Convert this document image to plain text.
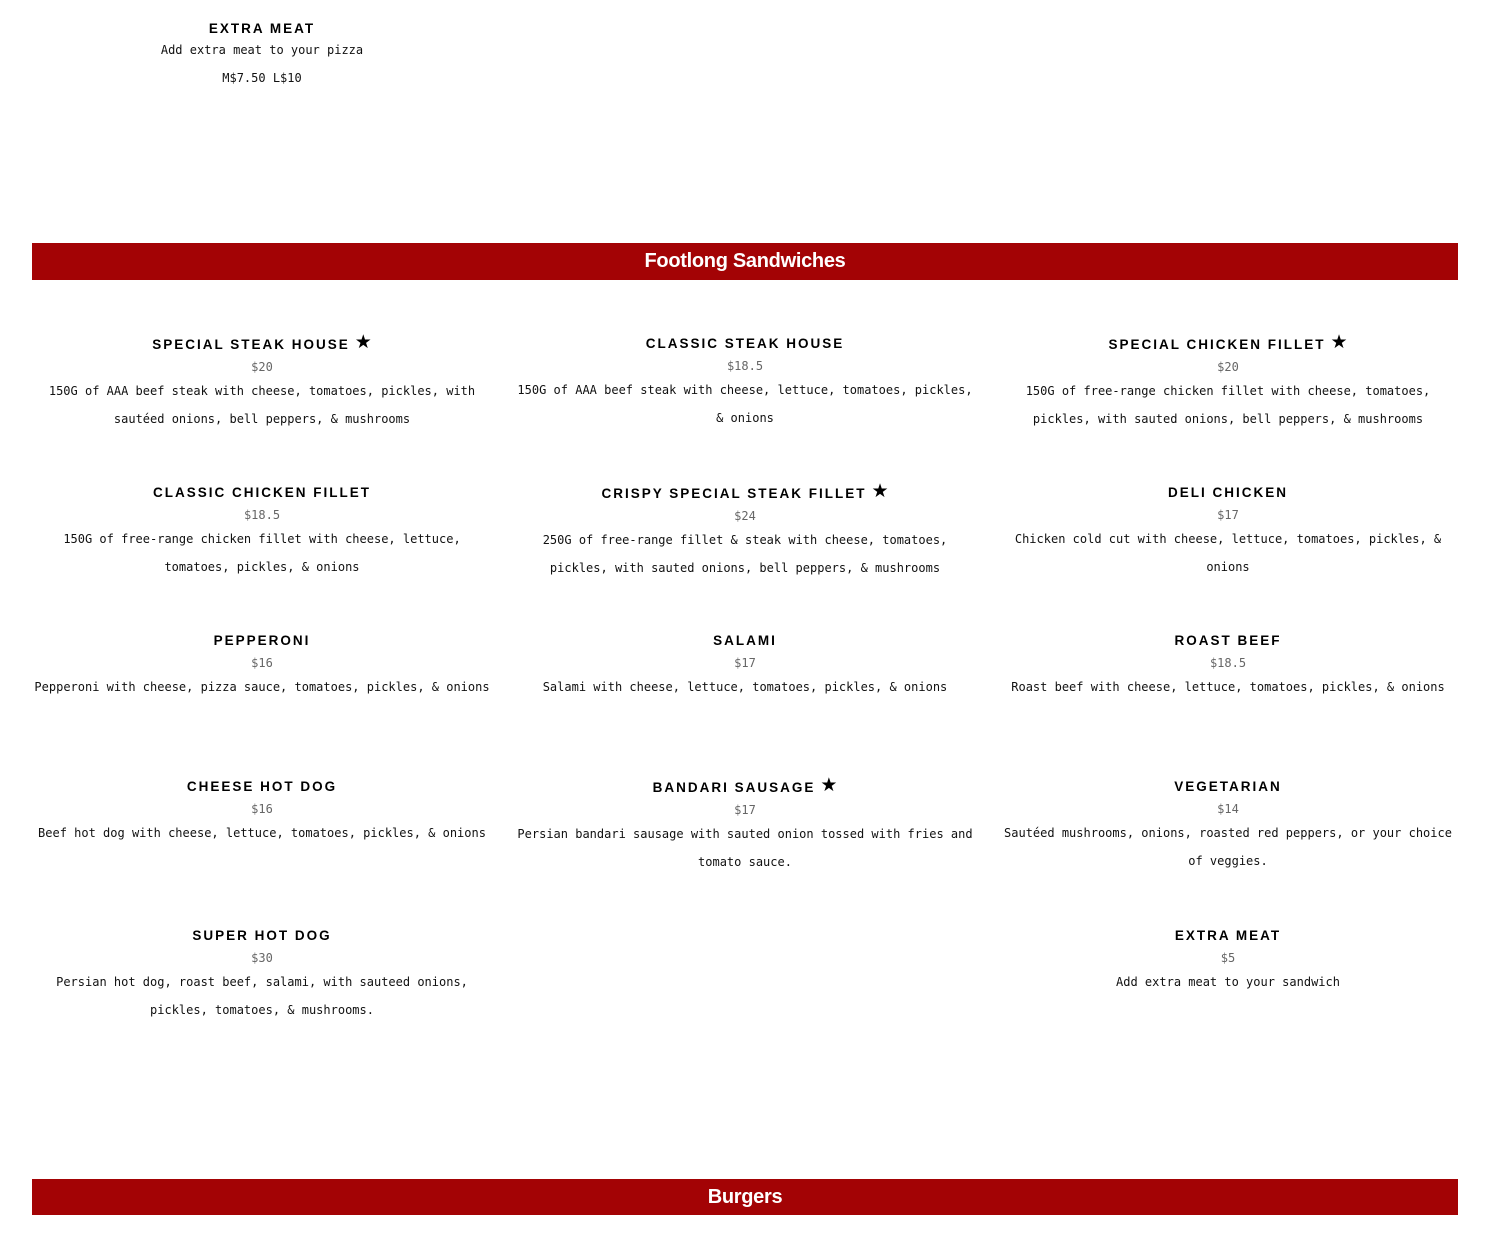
EXTRA MEAT
Add extra meat to your pizza
M$7.50 L$10
Footlong Sandwiches
SPECIAL STEAK HOUSE ★
$20
150G of AAA beef steak with cheese, tomatoes, pickles, with sautéed onions, bell peppers, & mushrooms
CLASSIC STEAK HOUSE
$18.5
150G of AAA beef steak with cheese, lettuce, tomatoes, pickles, & onions
SPECIAL CHICKEN FILLET ★
$20
150G of free-range chicken fillet with cheese, tomatoes, pickles, with sauted onions, bell peppers, & mushrooms
CLASSIC CHICKEN FILLET
$18.5
150G of free-range chicken fillet with cheese, lettuce, tomatoes, pickles, & onions
CRISPY SPECIAL STEAK FILLET ★
$24
250G of free-range fillet & steak with cheese, tomatoes, pickles, with sauted onions, bell peppers, & mushrooms
DELI CHICKEN
$17
Chicken cold cut with cheese, lettuce, tomatoes, pickles, & onions
PEPPERONI
$16
Pepperoni with cheese, pizza sauce, tomatoes, pickles, & onions
SALAMI
$17
Salami with cheese, lettuce, tomatoes, pickles, & onions
ROAST BEEF
$18.5
Roast beef with cheese, lettuce, tomatoes, pickles, & onions
CHEESE HOT DOG
$16
Beef hot dog with cheese, lettuce, tomatoes, pickles, & onions
BANDARI SAUSAGE ★
$17
Persian bandari sausage with sauted onion tossed with fries and tomato sauce.
VEGETARIAN
$14
Sautéed mushrooms, onions, roasted red peppers, or your choice of veggies.
SUPER HOT DOG
$30
Persian hot dog, roast beef, salami, with sauteed onions, pickles, tomatoes, & mushrooms.
EXTRA MEAT
$5
Add extra meat to your sandwich
Burgers
